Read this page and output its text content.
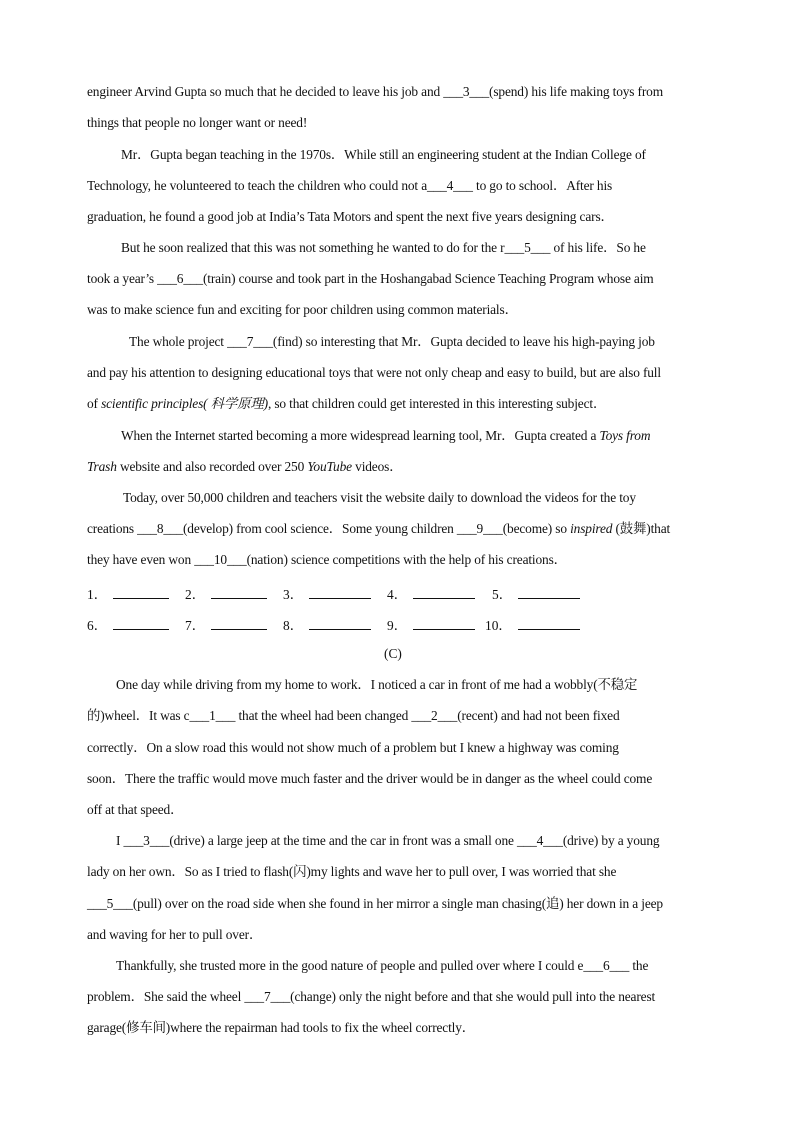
engineer Arvind Gupta so much that he decided to leave his job and ___3___(spend) his life making toys from
things that people no longer want or need!
Mr．Gupta began teaching in the 1970s．While still an engineering student at the Indian College of
Technology, he volunteered to teach the children who could not a___4___ to go to school．After his
graduation, he found a good job at India’s Tata Motors and spent the next five years designing cars．
But he soon realized that this was not something he wanted to do for the r___5___ of his life．So he
took a year’s ___6___(train) course and took part in the Hoshangabad Science Teaching Program whose aim
was to make science fun and exciting for poor children using common materials．
The whole project ___7___(find) so interesting that Mr．Gupta decided to leave his high-paying job
and pay his attention to designing educational toys that were not only cheap and easy to build, but are also full
of scientific principles( 科学原理), so that children could get interested in this interesting subject．
When the Internet started becoming a more widespread learning tool, Mr．Gupta created a Toys from
Trash website and also recorded over 250 YouTube videos．
Today, over 50,000 children and teachers visit the website daily to download the videos for the toy
creations ___8___(develop) from cool science．Some young children ___9___(become) so inspired (鼓舞)that
they have even won ___10___(nation) science competitions with the help of his creations．
1．	2．	3．	4．	5．
6．	7．	8．	9．	10．
(C)
One day while driving from my home to work．I noticed a car in front of me had a wobbly(不稳定
的)wheel．It was c___1___ that the wheel had been changed ___2___(recent) and had not been fixed
correctly．On a slow road this would not show much of a problem but I knew a highway was coming
soon．There the traffic would move much faster and the driver would be in danger as the wheel could come
off at that speed．
I ___3___(drive) a large jeep at the time and the car in front was a small one ___4___(drive) by a young
lady on her own．So as I tried to flash(闪)my lights and wave her to pull over, I was worried that she
___5___(pull) over on the road side when she found in her mirror a single man chasing(追) her down in a jeep
and waving for her to pull over．
Thankfully, she trusted more in the good nature of people and pulled over where I could e___6___ the
problem．She said the wheel ___7___(change) only the night before and that she would pull into the nearest
garage(修车间)where the repairman had tools to fix the wheel correctly．
